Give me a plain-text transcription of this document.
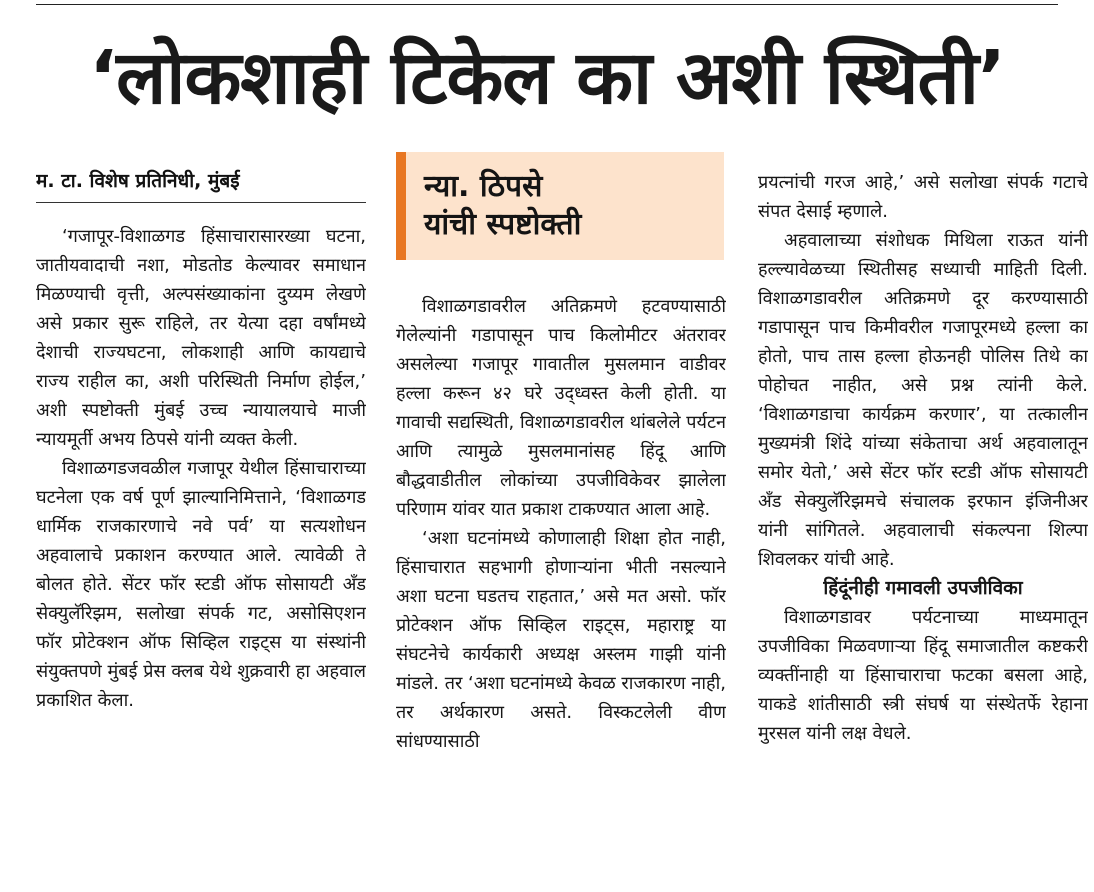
‘लोकशाही टिकेल का अशी स्थिती’
म. टा. विशेष प्रतिनिधी, मुंबई

‘गजापूर-विशाळगड हिंसाचारासारख्या घटना, जातीयवादाची नशा, मोडतोड केल्यावर समाधान मिळण्याची वृत्ती, अल्पसंख्याकांना दुय्यम लेखणे असे प्रकार सुरू राहिले, तर येत्या दहा वर्षांमध्ये देशाची राज्यघटना, लोकशाही आणि कायद्याचे राज्य राहील का, अशी परिस्थिती निर्माण होईल,’ अशी स्पष्टोक्ती मुंबई उच्च न्यायालयाचे माजी न्यायमूर्ती अभय ठिपसे यांनी व्यक्त केली.

विशाळगडजवळील गजापूर येथील हिंसाचाराच्या घटनेला एक वर्ष पूर्ण झाल्यानिमित्ताने, ‘विशाळगड धार्मिक राजकारणाचे नवे पर्व’ या सत्यशोधन अहवालाचे प्रकाशन करण्यात आले. त्यावेळी ते बोलत होते. सेंटर फॉर स्टडी ऑफ सोसायटी अँड सेक्युलॅरिझम, सलोखा संपर्क गट, असोसिएशन फॉर प्रोटेक्शन ऑफ सिव्हिल राइट्स या संस्थांनी संयुक्तपणे मुंबई प्रेस क्लब येथे शुक्रवारी हा अहवाल प्रकाशित केला.

न्या. ठिपसे
यांची स्पष्टोक्ती

विशाळगडावरील अतिक्रमणे हटवण्यासाठी गेलेल्यांनी गडापासून पाच किलोमीटर अंतरावर असलेल्या गजापूर गावातील मुसलमान वाडीवर हल्ला करून ४२ घरे उद्ध्वस्त केली होती. या गावाची सद्यस्थिती, विशाळगडावरील थांबलेले पर्यटन आणि त्यामुळे मुसलमानांसह हिंदू आणि बौद्धवाडीतील लोकांच्या उपजीविकेवर झालेला परिणाम यांवर यात प्रकाश टाकण्यात आला आहे.

‘अशा घटनांमध्ये कोणालाही शिक्षा होत नाही, हिंसाचारात सहभागी होणाऱ्यांना भीती नसल्याने अशा घटना घडतच राहतात,’ असे मत असो. फॉर प्रोटेक्शन ऑफ सिव्हिल राइट्स, महाराष्ट्र या संघटनेचे कार्यकारी अध्यक्ष अस्लम गाझी यांनी मांडले. तर ‘अशा घटनांमध्ये केवळ राजकारण नाही, तर अर्थकारण असते. विस्कटलेली वीण सांधण्यासाठी

प्रयत्नांची गरज आहे,’ असे सलोखा संपर्क गटाचे संपत देसाई म्हणाले.

अहवालाच्या संशोधक मिथिला राऊत यांनी हल्ल्यावेळच्या स्थितीसह सध्याची माहिती दिली. विशाळगडावरील अतिक्रमणे दूर करण्यासाठी गडापासून पाच किमीवरील गजापूरमध्ये हल्ला का होतो, पाच तास हल्ला होऊनही पोलिस तिथे का पोहोचत नाहीत, असे प्रश्न त्यांनी केले. ‘विशाळगडाचा कार्यक्रम करणार’, या तत्कालीन मुख्यमंत्री शिंदे यांच्या संकेताचा अर्थ अहवालातून समोर येतो,’ असे सेंटर फॉर स्टडी ऑफ सोसायटी अँड सेक्युलॅरिझमचे संचालक इरफान इंजिनीअर यांनी सांगितले. अहवालाची संकल्पना शिल्पा शिवलकर यांची आहे.

हिंदूंनीही गमावली उपजीविका

विशाळगडावर पर्यटनाच्या माध्यमातून उपजीविका मिळवणाऱ्या हिंदू समाजातील कष्टकरी व्यक्तींनाही या हिंसाचाराचा फटका बसला आहे, याकडे शांतीसाठी स्त्री संघर्ष या संस्थेतर्फे रेहाना मुरसल यांनी लक्ष वेधले.
